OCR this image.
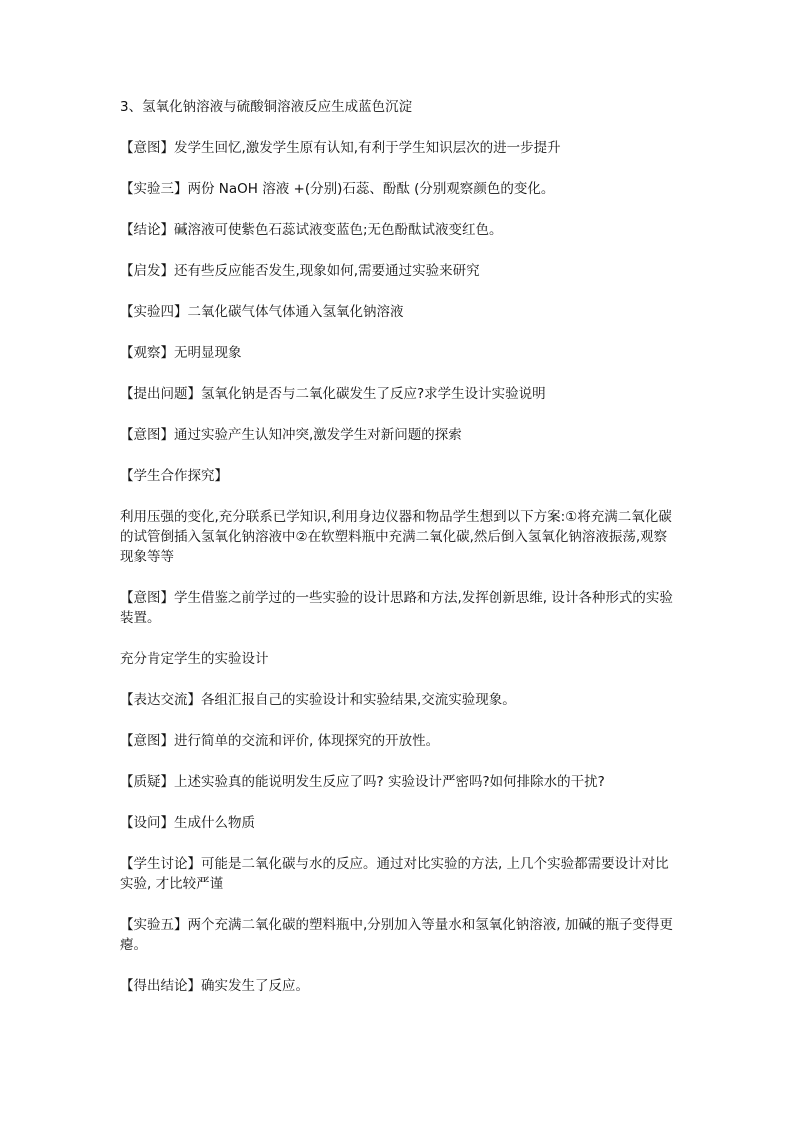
3、氢氧化钠溶液与硫酸铜溶液反应生成蓝色沉淀

【意图】发学生回忆,激发学生原有认知,有利于学生知识层次的进一步提升

【实验三】两份 NaOH 溶液 +(分别)石蕊、酚酞 (分别观察颜色的变化。

【结论】碱溶液可使紫色石蕊试液变蓝色;无色酚酞试液变红色。

【启发】还有些反应能否发生,现象如何,需要通过实验来研究

【实验四】二氧化碳气体气体通入氢氧化钠溶液

【观察】无明显现象

【提出问题】氢氧化钠是否与二氧化碳发生了反应?求学生设计实验说明

【意图】通过实验产生认知冲突,激发学生对新问题的探索

【学生合作探究】

利用压强的变化,充分联系已学知识,利用身边仪器和物品学生想到以下方案:①将充满二氧化碳的试管倒插入氢氧化钠溶液中②在软塑料瓶中充满二氧化碳,然后倒入氢氧化钠溶液振荡,观察现象等等

【意图】学生借鉴之前学过的一些实验的设计思路和方法,发挥创新思维, 设计各种形式的实验装置。

充分肯定学生的实验设计

【表达交流】各组汇报自己的实验设计和实验结果,交流实验现象。

【意图】进行简单的交流和评价, 体现探究的开放性。

【质疑】上述实验真的能说明发生反应了吗? 实验设计严密吗?如何排除水的干扰?

【设问】生成什么物质

【学生讨论】可能是二氧化碳与水的反应。通过对比实验的方法, 上几个实验都需要设计对比实验, 才比较严谨

【实验五】两个充满二氧化碳的塑料瓶中,分别加入等量水和氢氧化钠溶液, 加碱的瓶子变得更瘪。

【得出结论】确实发生了反应。
